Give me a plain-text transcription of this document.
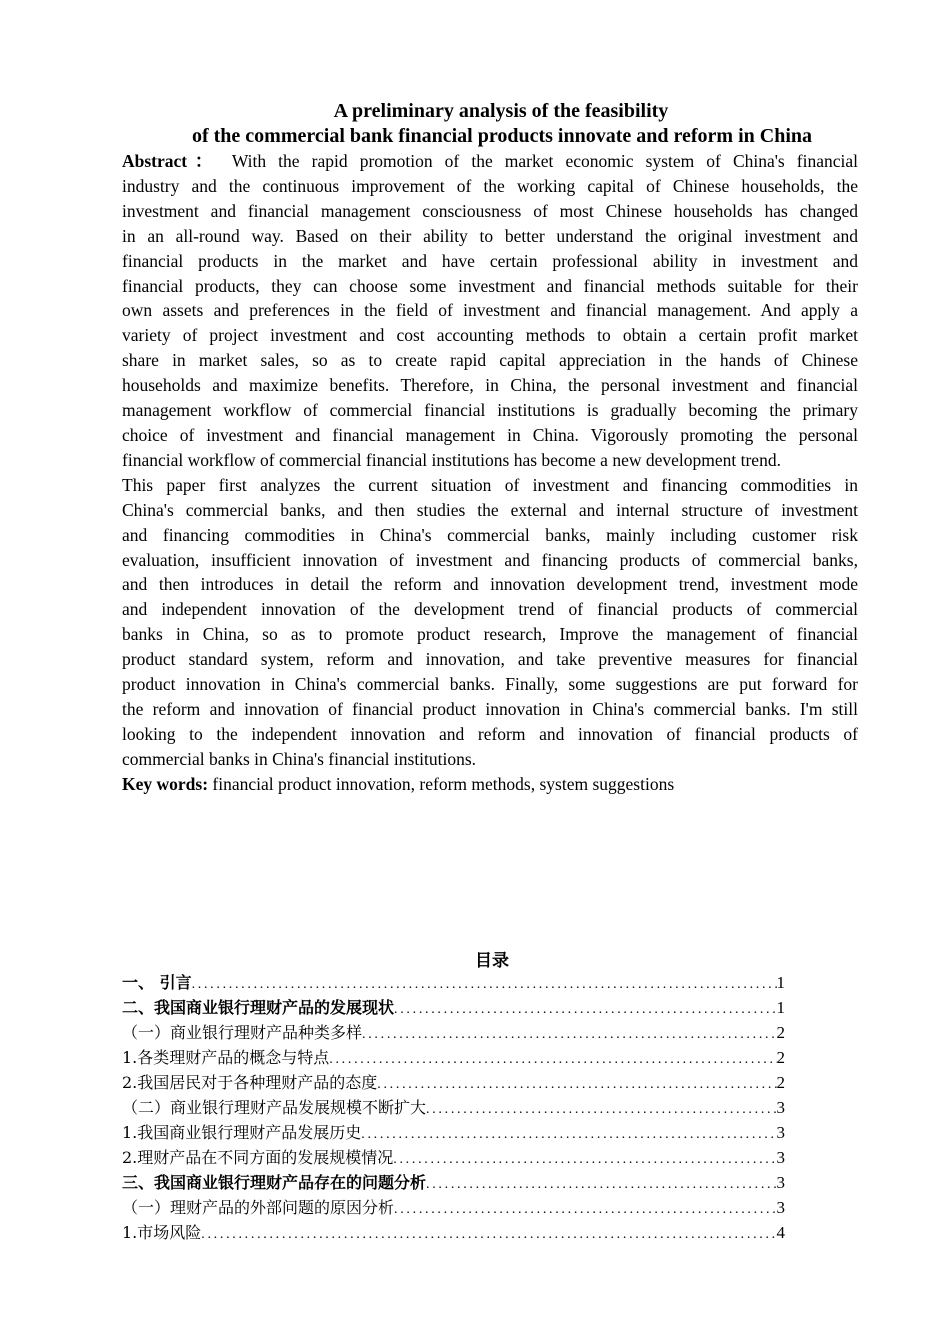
A preliminary analysis of the feasibility
of the commercial bank financial products innovate and reform in China
Abstract： With the rapid promotion of the market economic system of China's financial
industry and the continuous improvement of the working capital of Chinese households, the
investment and financial management consciousness of most Chinese households has changed
in an all-round way. Based on their ability to better understand the original investment and
financial products in the market and have certain professional ability in investment and
financial products, they can choose some investment and financial methods suitable for their
own assets and preferences in the field of investment and financial management. And apply a
variety of project investment and cost accounting methods to obtain a certain profit market
share in market sales, so as to create rapid capital appreciation in the hands of Chinese
households and maximize benefits. Therefore, in China, the personal investment and financial
management workflow of commercial financial institutions is gradually becoming the primary
choice of investment and financial management in China. Vigorously promoting the personal
financial workflow of commercial financial institutions has become a new development trend.
This paper first analyzes the current situation of investment and financing commodities in
China's commercial banks, and then studies the external and internal structure of investment
and financing commodities in China's commercial banks, mainly including customer risk
evaluation, insufficient innovation of investment and financing products of commercial banks,
and then introduces in detail the reform and innovation development trend, investment mode
and independent innovation of the development trend of financial products of commercial
banks in China, so as to promote product research, Improve the management of financial
product standard system, reform and innovation, and take preventive measures for financial
product innovation in China's commercial banks. Finally, some suggestions are put forward for
the reform and innovation of financial product innovation in China's commercial banks. I'm still
looking to the independent innovation and reform and innovation of financial products of
commercial banks in China's financial institutions.
Key words: financial product innovation, reform methods, system suggestions
目录
一、 引言 .....	1
二、我国商业银行理财产品的发展现状 .....	1
（一）商业银行理财产品种类多样 .....	2
1.各类理财产品的概念与特点 .....	2
2.我国居民对于各种理财产品的态度 .....	2
（二）商业银行理财产品发展规模不断扩大 .....	3
1.我国商业银行理财产品发展历史 .....	3
2.理财产品在不同方面的发展规模情况 .....	3
三、我国商业银行理财产品存在的问题分析 .....	3
（一）理财产品的外部问题的原因分析 .....	3
1.市场风险 .....	4
